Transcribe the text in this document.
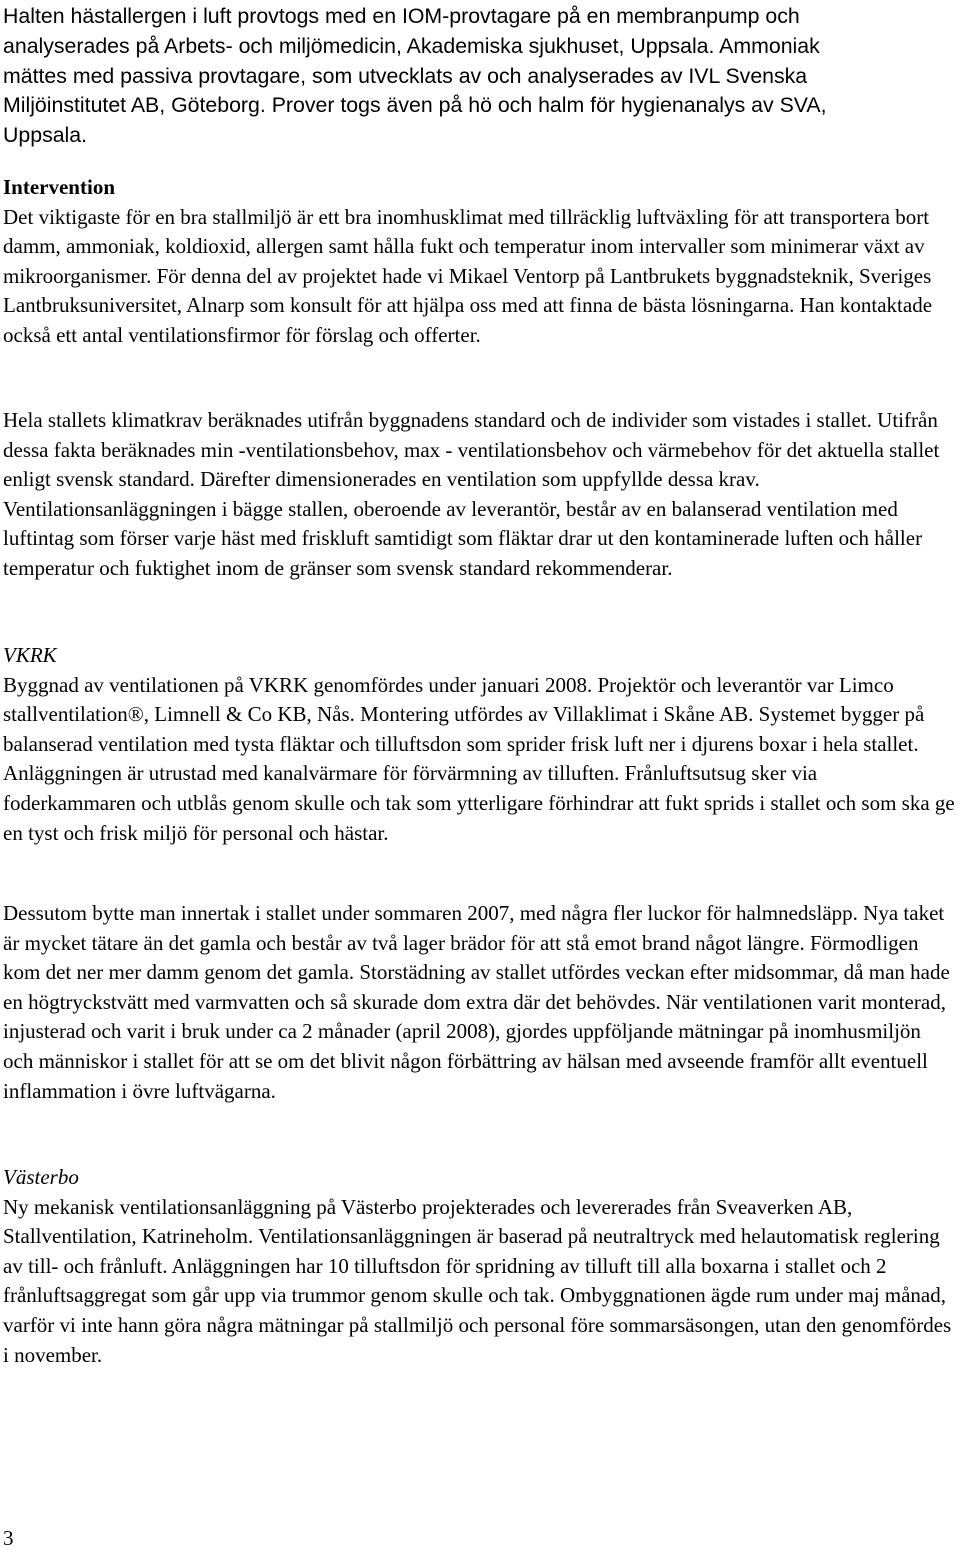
Halten hästallergen i luft provtogs med en IOM-provtagare på en membranpump och analyserades på Arbets- och miljömedicin, Akademiska sjukhuset, Uppsala. Ammoniak mättes med passiva provtagare, som utvecklats av och analyserades av IVL Svenska Miljöinstitutet AB, Göteborg. Prover togs även på hö och halm för hygienanalys av SVA, Uppsala.

Intervention
Det viktigaste för en bra stallmiljö är ett bra inomhusklimat med tillräcklig luftväxling för att transportera bort damm, ammoniak, koldioxid, allergen samt hålla fukt och temperatur inom intervaller som minimerar växt av mikroorganismer. För denna del av projektet hade vi Mikael Ventorp på Lantbrukets byggnadsteknik, Sveriges Lantbruksuniversitet, Alnarp som konsult för att hjälpa oss med att finna de bästa lösningarna. Han kontaktade också ett antal ventilationsfirmor för förslag och offerter.

Hela stallets klimatkrav beräknades utifrån byggnadens standard och de individer som vistades i stallet. Utifrån dessa fakta beräknades min -ventilationsbehov, max - ventilationsbehov och värmebehov för det aktuella stallet enligt svensk standard. Därefter dimensionerades en ventilation som uppfyllde dessa krav. Ventilationsanläggningen i bägge stallen, oberoende av leverantör, består av en balanserad ventilation med luftintag som förser varje häst med friskluft samtidigt som fläktar drar ut den kontaminerade luften och håller temperatur och fuktighet inom de gränser som svensk standard rekommenderar.

VKRK
Byggnad av ventilationen på VKRK genomfördes under januari 2008. Projektör och leverantör var Limco stallventilation®, Limnell & Co KB, Nås. Montering utfördes av Villaklimat i Skåne AB. Systemet bygger på balanserad ventilation med tysta fläktar och tilluftsdon som sprider frisk luft ner i djurens boxar i hela stallet. Anläggningen är utrustad med kanalvärmare för förvärmning av tilluften. Frånluftsutsug sker via foderkammaren och utblås genom skulle och tak som ytterligare förhindrar att fukt sprids i stallet och som ska ge en tyst och frisk miljö för personal och hästar.

Dessutom bytte man innertak i stallet under sommaren 2007, med några fler luckor för halmnedsläpp. Nya taket är mycket tätare än det gamla och består av två lager brädor för att stå emot brand något längre. Förmodligen kom det ner mer damm genom det gamla. Storstädning av stallet utfördes veckan efter midsommar, då man hade en högtryckstvätt med varmvatten och så skurade dom extra där det behövdes. När ventilationen varit monterad, injusterad och varit i bruk under ca 2 månader (april 2008), gjordes uppföljande mätningar på inomhusmiljön och människor i stallet för att se om det blivit någon förbättring av hälsan med avseende framför allt eventuell inflammation i övre luftvägarna.

Västerbo
Ny mekanisk ventilationsanläggning på Västerbo projekterades och levererades från Sveaverken AB, Stallventilation, Katrineholm. Ventilationsanläggningen är baserad på neutraltryck med helautomatisk reglering av till- och frånluft. Anläggningen har 10 tilluftsdon för spridning av tilluft till alla boxarna i stallet och 2 frånluftsaggregat som går upp via trummor genom skulle och tak. Ombyggnationen ägde rum under maj månad, varför vi inte hann göra några mätningar på stallmiljö och personal före sommarsäsongen, utan den genomfördes i november.

3
